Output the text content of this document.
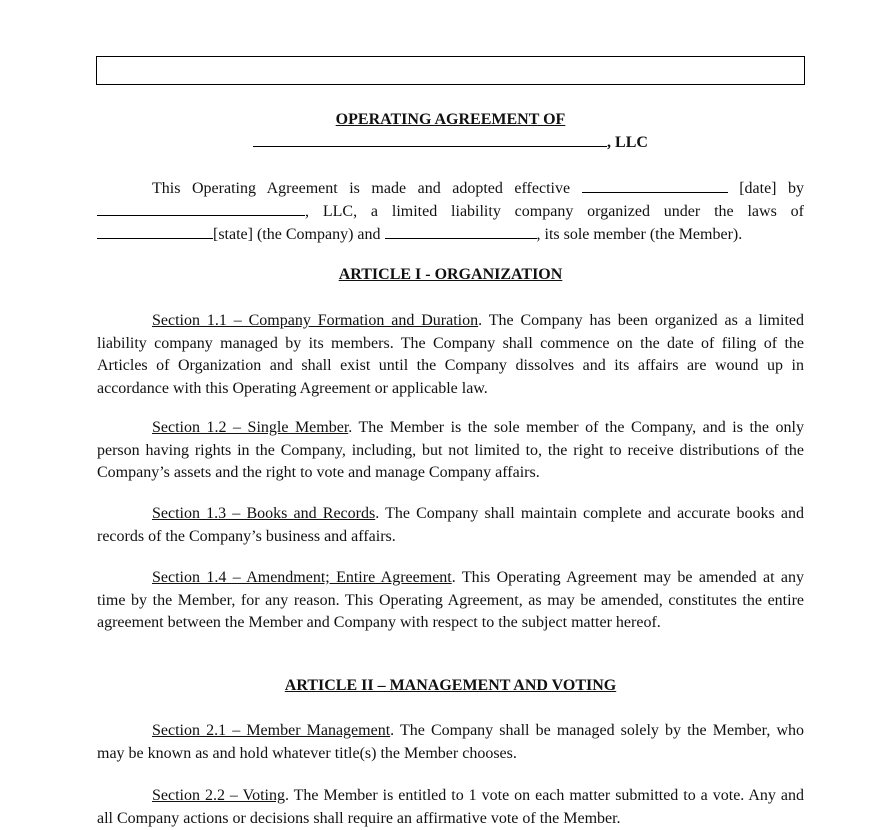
OPERATING AGREEMENT OF
, LLC
This Operating Agreement is made and adopted effective	[date] by
, LLC, a limited liability company organized under the laws of
[state] (the Company) and	, its sole member (the Member).
ARTICLE I - ORGANIZATION
Section 1.1 – Company Formation and Duration. The Company has been organized as a limited liability company managed by its members. The Company shall commence on the date of filing of the Articles of Organization and shall exist until the Company dissolves and its affairs are wound up in accordance with this Operating Agreement or applicable law.
Section 1.2 – Single Member. The Member is the sole member of the Company, and is the only person having rights in the Company, including, but not limited to, the right to receive distributions of the Company’s assets and the right to vote and manage Company affairs.
Section 1.3 – Books and Records. The Company shall maintain complete and accurate books and records of the Company’s business and affairs.
Section 1.4 – Amendment; Entire Agreement. This Operating Agreement may be amended at any time by the Member, for any reason. This Operating Agreement, as may be amended, constitutes the entire agreement between the Member and Company with respect to the subject matter hereof.
ARTICLE II – MANAGEMENT AND VOTING
Section 2.1 – Member Management. The Company shall be managed solely by the Member, who may be known as and hold whatever title(s) the Member chooses.
Section 2.2 – Voting. The Member is entitled to 1 vote on each matter submitted to a vote. Any and all Company actions or decisions shall require an affirmative vote of the Member.
